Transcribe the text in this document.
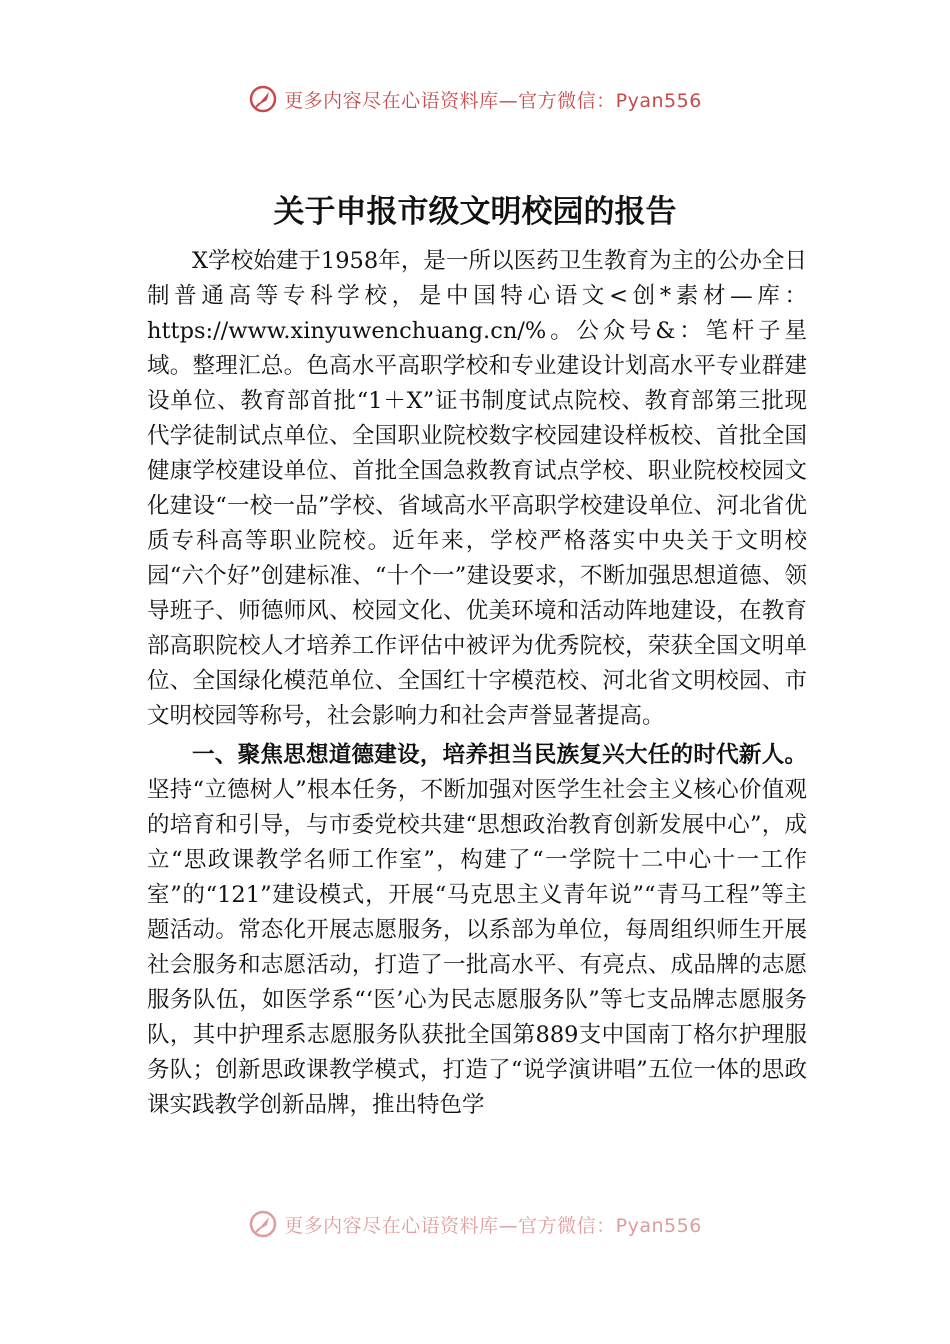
更多内容尽在心语资料库—官方微信：Pyan556
关于申报市级文明校园的报告

X学校始建于1958年，是一所以医药卫生教育为主的公办全日制普通高等专科学校，是中国特心语文<创*素材—库：https://www.xinyuwenchuang.cn/%。公众号&：笔杆子星域。整理汇总。色高水平高职学校和专业建设计划高水平专业群建设单位、教育部首批“1＋X”证书制度试点院校、教育部第三批现代学徒制试点单位、全国职业院校数字校园建设样板校、首批全国健康学校建设单位、首批全国急救教育试点学校、职业院校校园文化建设“一校一品”学校、省域高水平高职学校建设单位、河北省优质专科高等职业院校。近年来，学校严格落实中央关于文明校园“六个好”创建标准、“十个一”建设要求，不断加强思想道德、领导班子、师德师风、校园文化、优美环境和活动阵地建设，在教育部高职院校人才培养工作评估中被评为优秀院校，荣获全国文明单位、全国绿化模范单位、全国红十字模范校、河北省文明校园、市文明校园等称号，社会影响力和社会声誉显著提高。

一、聚焦思想道德建设，培养担当民族复兴大任的时代新人。坚持“立德树人”根本任务，不断加强对医学生社会主义核心价值观的培育和引导，与市委党校共建“思想政治教育创新发展中心”，成立“思政课教学名师工作室”，构建了“一学院十二中心十一工作室”的“121”建设模式，开展“马克思主义青年说”“青马工程”等主题活动。常态化开展志愿服务，以系部为单位，每周组织师生开展社会服务和志愿活动，打造了一批高水平、有亮点、成品牌的志愿服务队伍，如医学系“‘医’心为民志愿服务队”等七支品牌志愿服务队，其中护理系志愿服务队获批全国第889支中国南丁格尔护理服务队；创新思政课教学模式，打造了“说学演讲唱”五位一体的思政课实践教学创新品牌，推出特色学

更多内容尽在心语资料库—官方微信：Pyan556
